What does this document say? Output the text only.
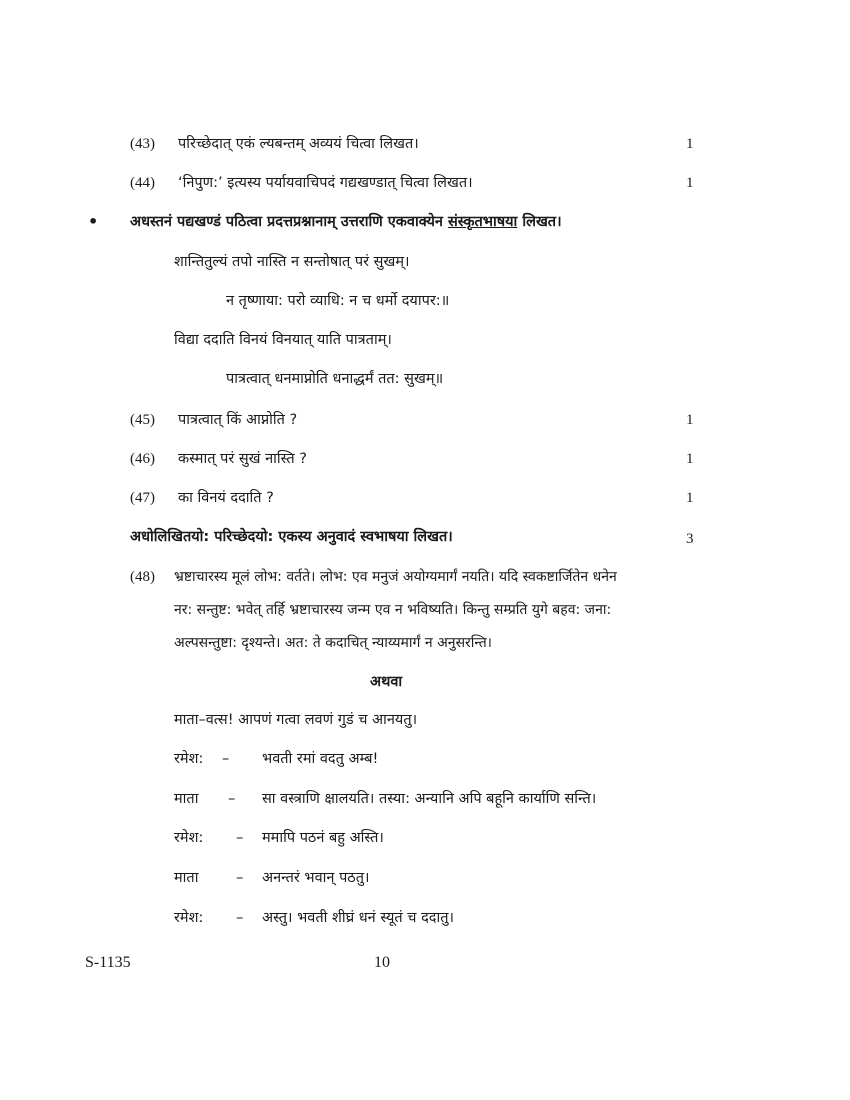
(43) परिच्छेदात् एकं ल्यबन्तम् अव्ययं चित्वा लिखत।	1
(44) ‘निपुण:’ इत्यस्य पर्यायवाचिपदं गद्यखण्डात् चित्वा लिखत।	1
• अधस्तनं पद्यखण्डं पठित्वा प्रदत्तप्रश्नानाम् उत्तराणि एकवाक्येन संस्कृतभाषया लिखत।
शान्तितुल्यं तपो नास्ति न सन्तोषात् परं सुखम्।
न तृष्णाया: परो व्याधि: न च धर्मो दयापर:॥
विद्या ददाति विनयं विनयात् याति पात्रताम्।
पात्रत्वात् धनमाप्नोति धनाद्धर्मं तत: सुखम्॥
(45) पात्रत्वात् किं आप्नोति ?	1
(46) कस्मात् परं सुखं नास्ति ?	1
(47) का विनयं ददाति ?	1
अधोलिखितयो: परिच्छेदयो: एकस्य अनुवादं स्वभाषया लिखत।	3
(48) भ्रष्टाचारस्य मूलं लोभ: वर्तते। लोभ: एव मनुजं अयोग्यमार्गं नयति। यदि स्वकष्टार्जितेन धनेन
नर: सन्तुष्ट: भवेत् तर्हि भ्रष्टाचारस्य जन्म एव न भविष्यति। किन्तु सम्प्रति युगे बहव: जना:
अल्पसन्तुष्टा: दृश्यन्ते। अत: ते कदाचित् न्याय्यमार्गं न अनुसरन्ति।
अथवा
माता–वत्स! आपणं गत्वा लवणं गुडं च आनयतु।
रमेश: – भवती रमां वदतु अम्ब!
माता – सा वस्त्राणि क्षालयति। तस्या: अन्यानि अपि बहूनि कार्याणि सन्ति।
रमेश: – ममापि पठनं बहु अस्ति।
माता	– अनन्तरं भवान् पठतु।
रमेश: – अस्तु। भवती शीघ्रं धनं स्यूतं च ददातु।
S-1135	10
